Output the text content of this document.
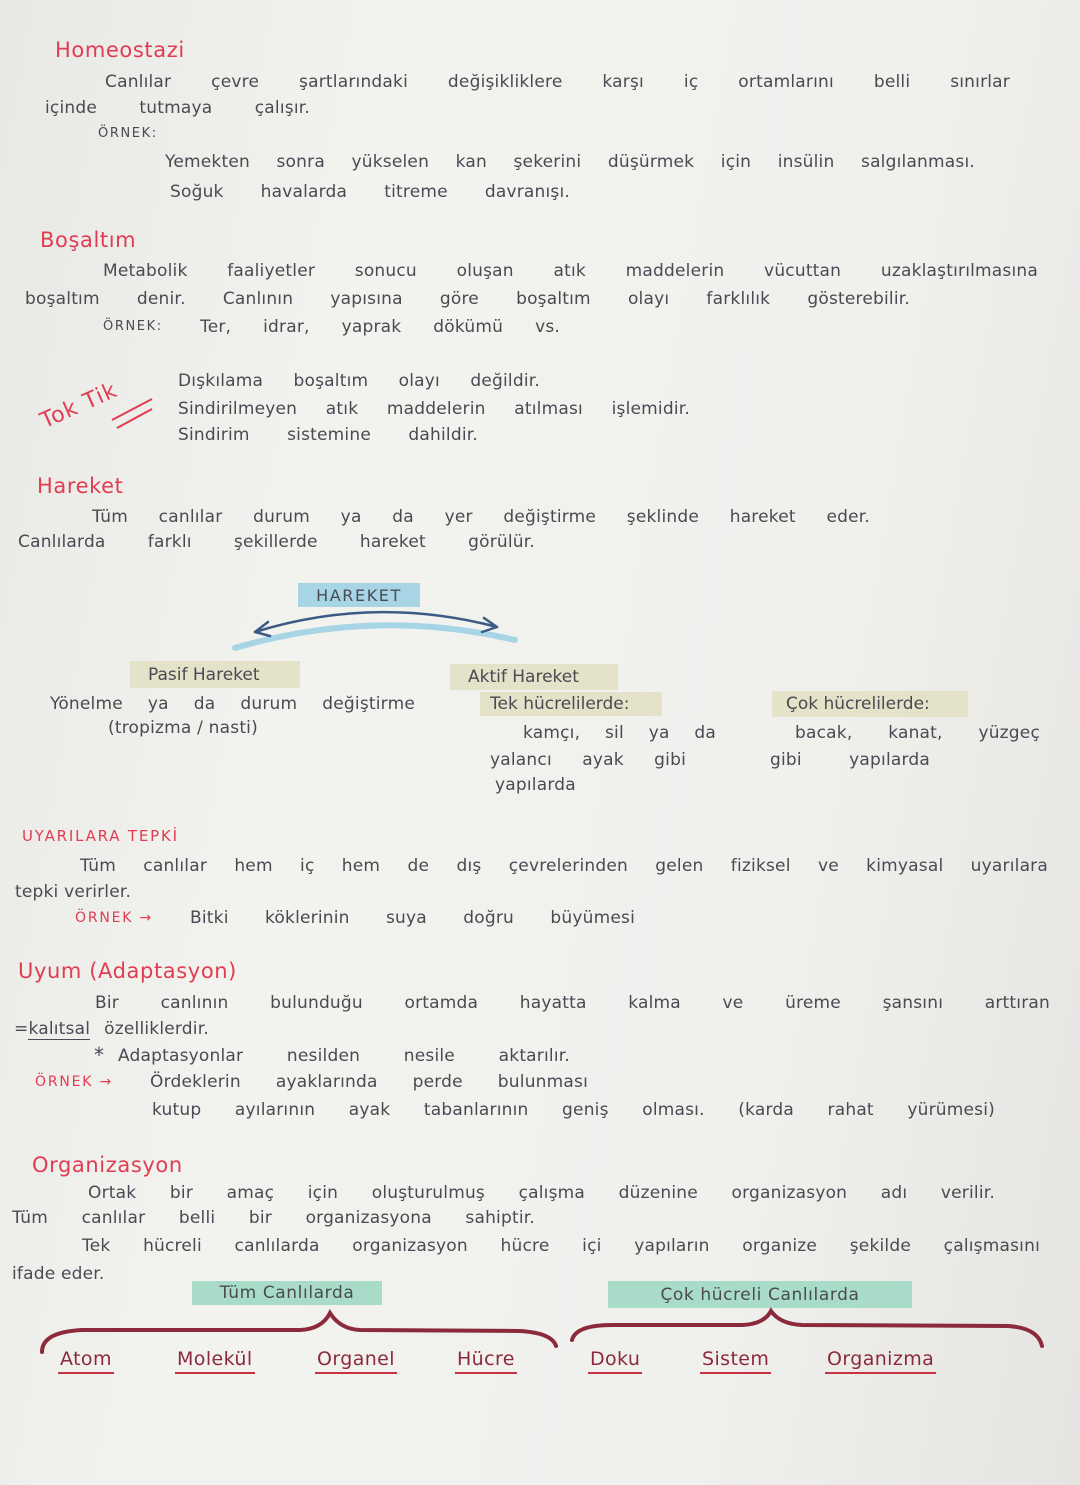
Homeostazi
Canlılar çevre şartlarındaki değişikliklere karşı iç ortamlarını belli sınırlar
içinde tutmaya çalışır.
ÖRNEK:
Yemekten sonra yükselen kan şekerini düşürmek için insülin salgılanması.
Soğuk havalarda titreme davranışı.
Boşaltım
Metabolik faaliyetler sonucu oluşan atık maddelerin vücuttan uzaklaştırılmasına
boşaltım denir. Canlının yapısına göre boşaltım olayı farklılık gösterebilir.
ÖRNEK: Ter, idrar, yaprak dökümü vs.
Tok Tik	Dışkılama boşaltım olayı değildir.
Sindirilmeyen atık maddelerin atılması işlemidir.
Sindirim sistemine dahildir.
Hareket
Tüm canlılar durum ya da yer değiştirme şeklinde hareket eder.
Canlılarda farklı şekillerde hareket görülür.
HAREKET
Pasif Hareket
Yönelme ya da durum değiştirme
(tropizma / nasti)
Aktif Hareket
Tek hücrelilerde:
kamçı, sil ya da
yalancı ayak gibi
yapılarda
Çok hücrelilerde:
bacak, kanat, yüzgeç
gibi yapılarda
UYARILARA TEPKİ
Tüm canlılar hem iç hem de dış çevrelerinden gelen fiziksel ve kimyasal uyarılara
tepki verirler.
ÖRNEK → Bitki köklerinin suya doğru büyümesi
Uyum (Adaptasyon)
Bir canlının bulunduğu ortamda hayatta kalma ve üreme şansını arttıran
=kalıtsal özelliklerdir.
* Adaptasyonlar nesilden nesile aktarılır.
ÖRNEK → Ördeklerin ayaklarında perde bulunması
kutup ayılarının ayak tabanlarının geniş olması. (karda rahat yürümesi)
Organizasyon
Ortak bir amaç için oluşturulmuş çalışma düzenine organizasyon adı verilir.
Tüm canlılar belli bir organizasyona sahiptir.
Tek hücreli canlılarda organizasyon hücre içi yapıların organize şekilde çalışmasını
ifade eder.
Tüm Canlılarda	Çok hücreli Canlılarda
Atom	Molekül	Organel	Hücre	Doku	Sistem	Organizma
